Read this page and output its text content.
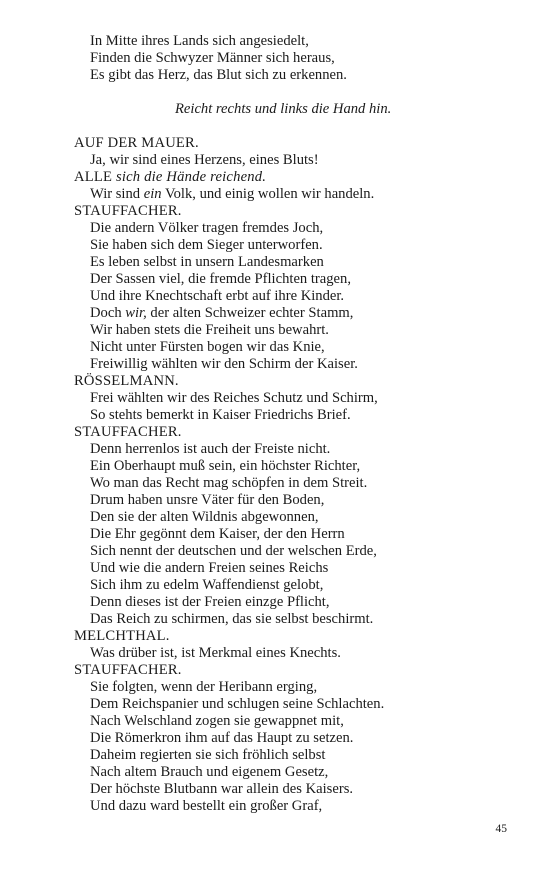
In Mitte ihres Lands sich angesiedelt,
Finden die Schwyzer Männer sich heraus,
Es gibt das Herz, das Blut sich zu erkennen.
Reicht rechts und links die Hand hin.
AUF DER MAUER.
Ja, wir sind eines Herzens, eines Bluts!
ALLE sich die Hände reichend.
Wir sind ein Volk, und einig wollen wir handeln.
STAUFFACHER.
Die andern Völker tragen fremdes Joch,
Sie haben sich dem Sieger unterworfen.
Es leben selbst in unsern Landesmarken
Der Sassen viel, die fremde Pflichten tragen,
Und ihre Knechtschaft erbt auf ihre Kinder.
Doch wir, der alten Schweizer echter Stamm,
Wir haben stets die Freiheit uns bewahrt.
Nicht unter Fürsten bogen wir das Knie,
Freiwillig wählten wir den Schirm der Kaiser.
RÖSSELMANN.
Frei wählten wir des Reiches Schutz und Schirm,
So stehts bemerkt in Kaiser Friedrichs Brief.
STAUFFACHER.
Denn herrenlos ist auch der Freiste nicht.
Ein Oberhaupt muß sein, ein höchster Richter,
Wo man das Recht mag schöpfen in dem Streit.
Drum haben unsre Väter für den Boden,
Den sie der alten Wildnis abgewonnen,
Die Ehr gegönnt dem Kaiser, der den Herrn
Sich nennt der deutschen und der welschen Erde,
Und wie die andern Freien seines Reichs
Sich ihm zu edelm Waffendienst gelobt,
Denn dieses ist der Freien einzge Pflicht,
Das Reich zu schirmen, das sie selbst beschirmt.
MELCHTHAL.
Was drüber ist, ist Merkmal eines Knechts.
STAUFFACHER.
Sie folgten, wenn der Heribann erging,
Dem Reichspanier und schlugen seine Schlachten.
Nach Welschland zogen sie gewappnet mit,
Die Römerkron ihm auf das Haupt zu setzen.
Daheim regierten sie sich fröhlich selbst
Nach altem Brauch und eigenem Gesetz,
Der höchste Blutbann war allein des Kaisers.
Und dazu ward bestellt ein großer Graf,
45
